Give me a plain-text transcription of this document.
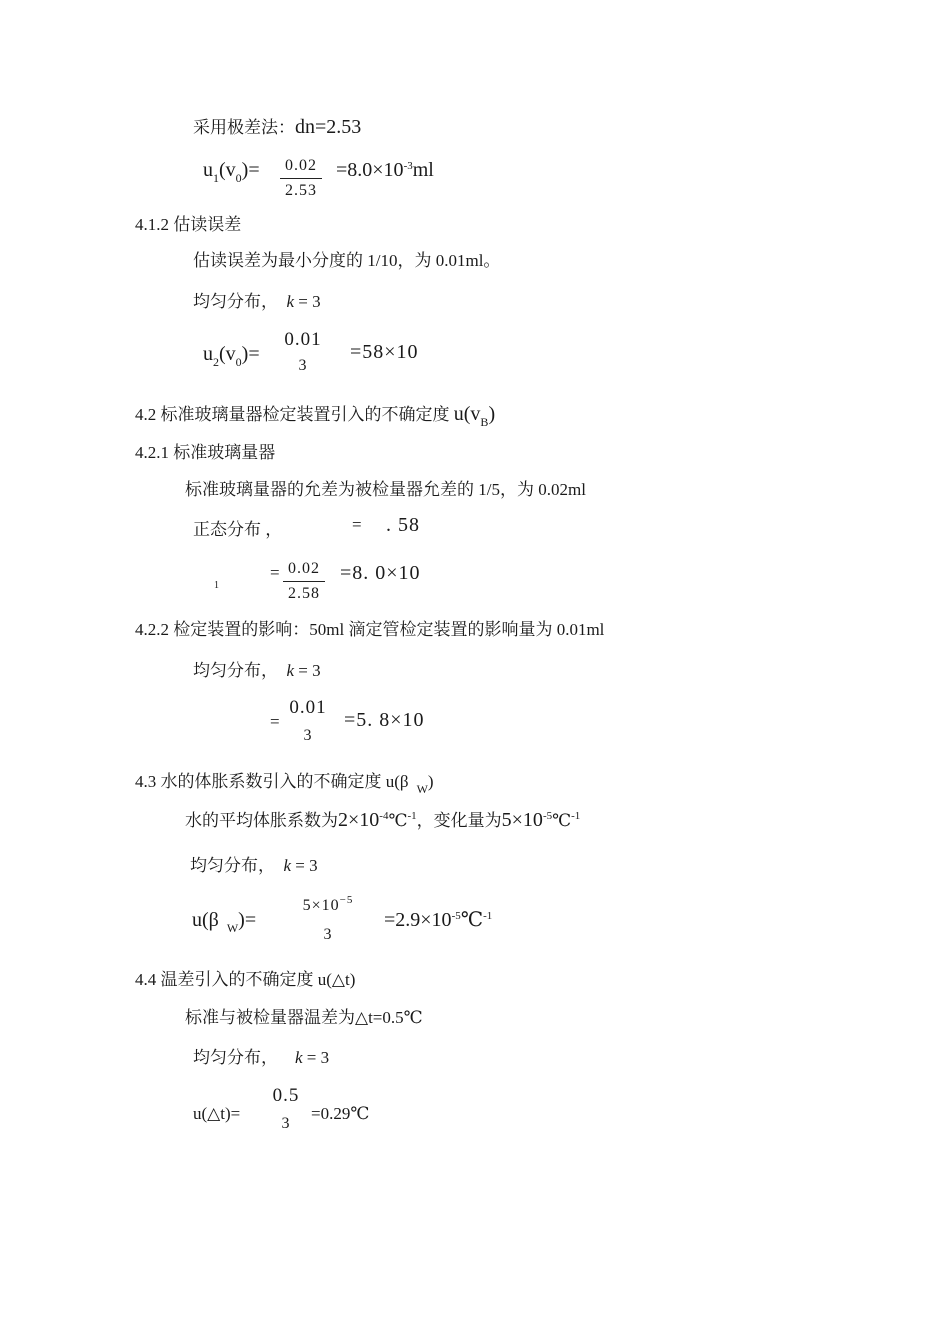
采用极差法：dn=2.53
$u_1(v_0)=$	0.02
2.53
$=8.0\times 10^{-3}ml$
4.1.2 估读误差
估读误差为最小分度的 1/10，为 0.01ml。
均匀分布， k = 3
$u_2(v_0)=$
0.01
3
=58×10
4.2 标准玻璃量器检定装置引入的不确定度 $u(v_B)$
4.2.1 标准玻璃量器
标准玻璃量器的允差为被检量器允差的 1/5，为 0.02ml
正态分布 ，	= . 58
1
= 0.02
2.58
=8. 0×10
4.2.2 检定装置的影响：50ml 滴定管检定装置的影响量为 0.01ml
均匀分布， k = 3
=
0.01
3
=5. 8×10
4.3 水的体胀系数引入的不确定度 u(β $_W$)
水的平均体胀系数为$2\times 10^{-4}℃^{-1}$，变化量为$5\times 10^{-5}℃^{-1}$
均匀分布， k = 3
u(β $_W$)=
$5\times 10^{-5}$
3
$=2.9\times 10^{-5}℃^{-1}$
4.4 温差引入的不确定度 u(△t)
标准与被检量器温差为△t=0.5℃
均匀分布， k = 3
u(△t)=
0.5
3
=0.29℃
